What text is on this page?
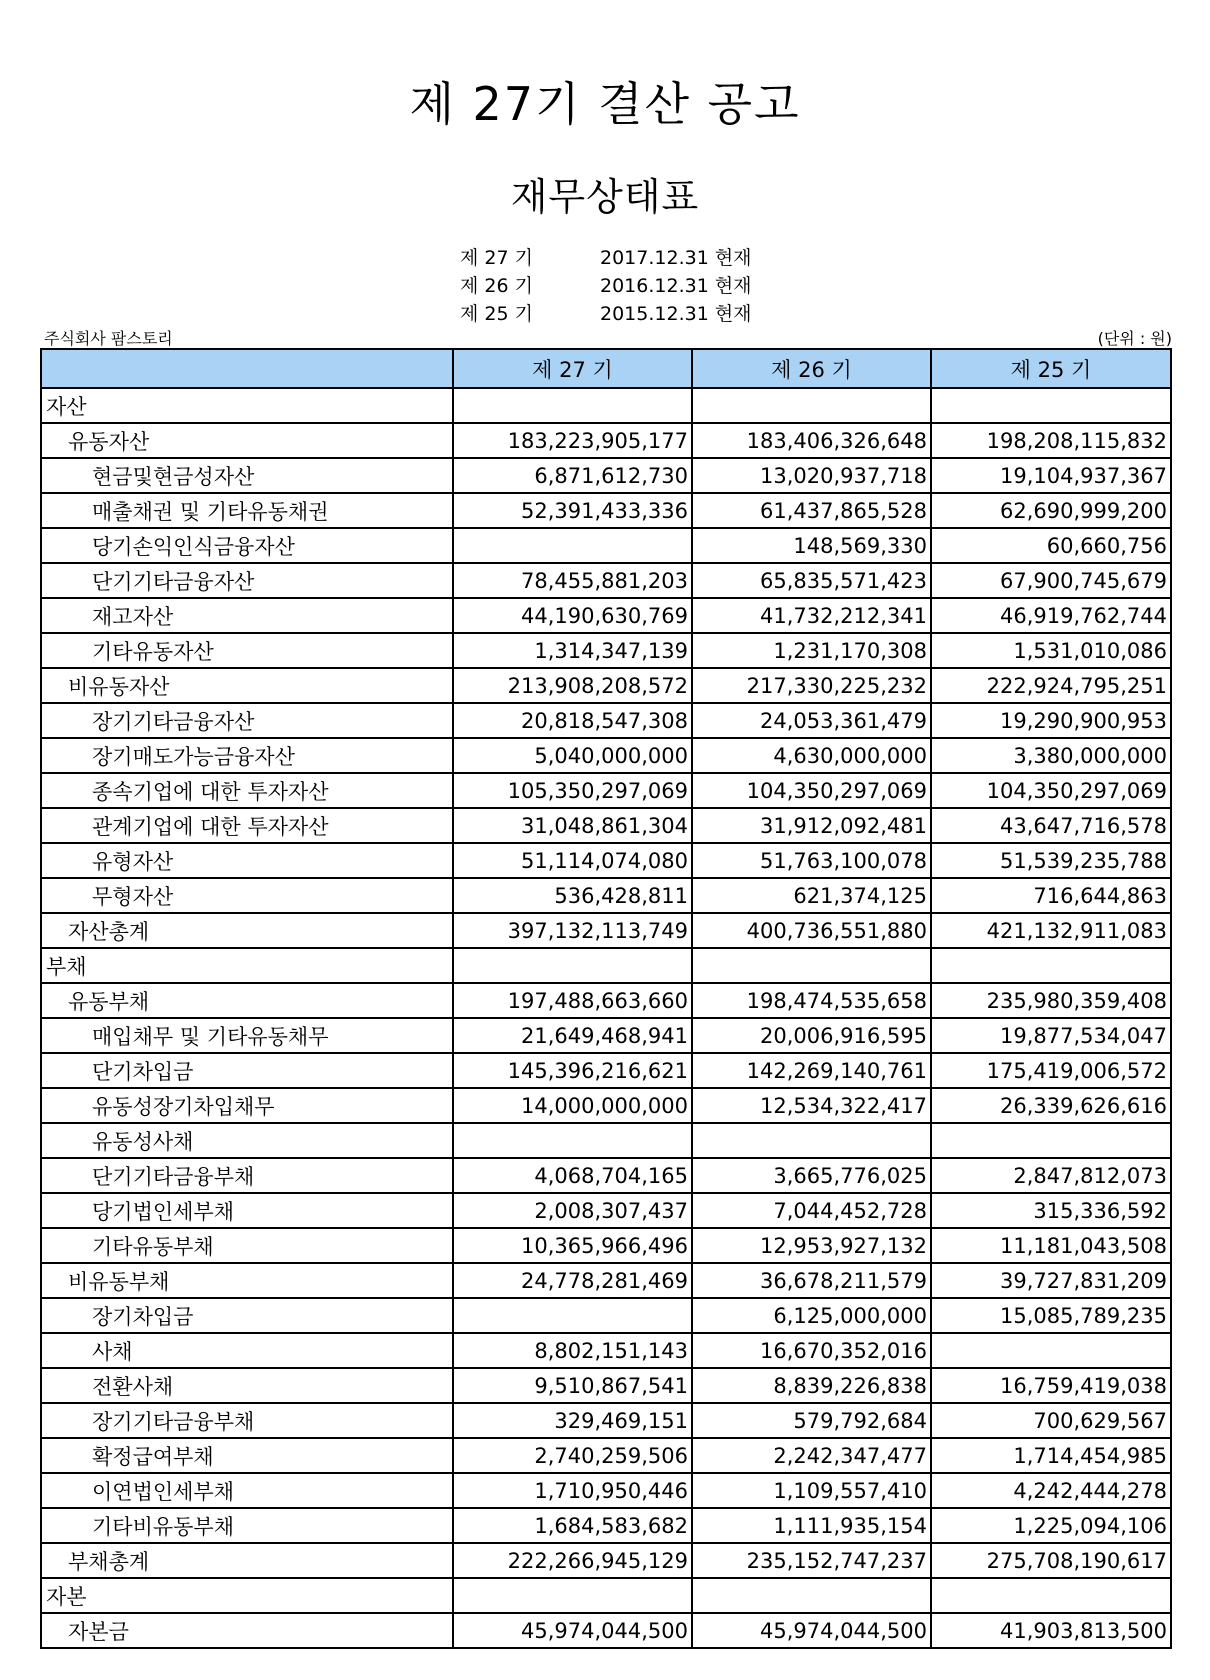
제 27기 결산 공고
재무상태표
제 27 기	2017.12.31 현재
제 26 기	2016.12.31 현재
제 25 기	2015.12.31 현재
주식회사 팜스토리	(단위 : 원)
	제 27 기	제 26 기	제 25 기
자산			
유동자산	183,223,905,177	183,406,326,648	198,208,115,832
현금및현금성자산	6,871,612,730	13,020,937,718	19,104,937,367
매출채권 및 기타유동채권	52,391,433,336	61,437,865,528	62,690,999,200
당기손익인식금융자산		148,569,330	60,660,756
단기기타금융자산	78,455,881,203	65,835,571,423	67,900,745,679
재고자산	44,190,630,769	41,732,212,341	46,919,762,744
기타유동자산	1,314,347,139	1,231,170,308	1,531,010,086
비유동자산	213,908,208,572	217,330,225,232	222,924,795,251
장기기타금융자산	20,818,547,308	24,053,361,479	19,290,900,953
장기매도가능금융자산	5,040,000,000	4,630,000,000	3,380,000,000
종속기업에 대한 투자자산	105,350,297,069	104,350,297,069	104,350,297,069
관계기업에 대한 투자자산	31,048,861,304	31,912,092,481	43,647,716,578
유형자산	51,114,074,080	51,763,100,078	51,539,235,788
무형자산	536,428,811	621,374,125	716,644,863
자산총계	397,132,113,749	400,736,551,880	421,132,911,083
부채			
유동부채	197,488,663,660	198,474,535,658	235,980,359,408
매입채무 및 기타유동채무	21,649,468,941	20,006,916,595	19,877,534,047
단기차입금	145,396,216,621	142,269,140,761	175,419,006,572
유동성장기차입채무	14,000,000,000	12,534,322,417	26,339,626,616
유동성사채			
단기기타금융부채	4,068,704,165	3,665,776,025	2,847,812,073
당기법인세부채	2,008,307,437	7,044,452,728	315,336,592
기타유동부채	10,365,966,496	12,953,927,132	11,181,043,508
비유동부채	24,778,281,469	36,678,211,579	39,727,831,209
장기차입금		6,125,000,000	15,085,789,235
사채	8,802,151,143	16,670,352,016	
전환사채	9,510,867,541	8,839,226,838	16,759,419,038
장기기타금융부채	329,469,151	579,792,684	700,629,567
확정급여부채	2,740,259,506	2,242,347,477	1,714,454,985
이연법인세부채	1,710,950,446	1,109,557,410	4,242,444,278
기타비유동부채	1,684,583,682	1,111,935,154	1,225,094,106
부채총계	222,266,945,129	235,152,747,237	275,708,190,617
자본			
자본금	45,974,044,500	45,974,044,500	41,903,813,500
